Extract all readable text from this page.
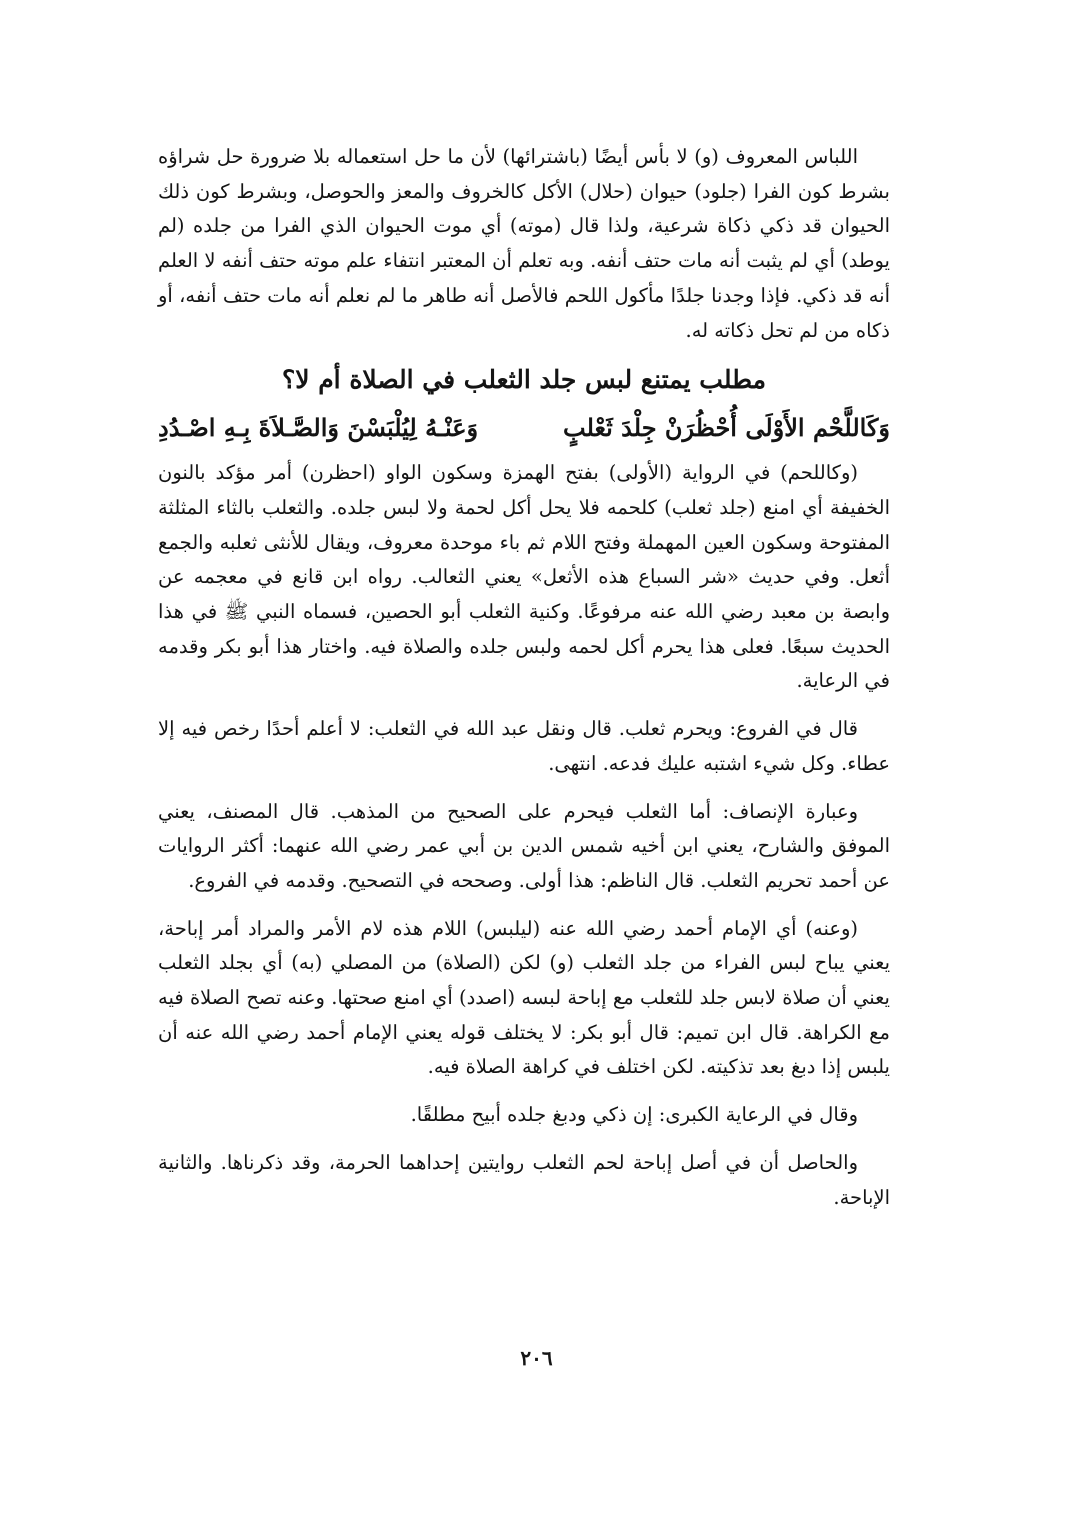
اللباس المعروف (و) لا بأس أيضًا (باشترائها) لأن ما حل استعماله بلا ضرورة حل شراؤه بشرط كون الفرا (جلود) حيوان (حلال) الأكل كالخروف والمعز والحوصل، وبشرط كون ذلك الحيوان قد ذكي ذكاة شرعية، ولذا قال (موته) أي موت الحيوان الذي الفرا من جلده (لم يوطد) أي لم يثبت أنه مات حتف أنفه. وبه تعلم أن المعتبر انتفاء علم موته حتف أنفه لا العلم أنه قد ذكي. فإذا وجدنا جلدًا مأكول اللحم فالأصل أنه طاهر ما لم نعلم أنه مات حتف أنفه، أو ذكاه من لم تحل ذكاته له.

مطلب يمتنع لبس جلد الثعلب في الصلاة أم لا؟
وَكَاللَّحْم الأَوْلَى أُحْظُرَنْ جِلْدَ ثَعْلبٍ
وَعَنْـهُ لِيُلْبَسْنَ وَالصَّـلاَةَ بِـهِ اصْـدُدِ

(وكاللحم) في الرواية (الأولى) بفتح الهمزة وسكون الواو (احظرن) أمر مؤكد بالنون الخفيفة أي امنع (جلد ثعلب) كلحمه فلا يحل أكل لحمة ولا لبس جلده. والثعلب بالثاء المثلثة المفتوحة وسكون العين المهملة وفتح اللام ثم باء موحدة معروف، ويقال للأنثى ثعلبه والجمع أثعل. وفي حديث «شر السباع هذه الأثعل» يعني الثعالب. رواه ابن قانع في معجمه عن وابصة بن معبد رضي الله عنه مرفوعًا. وكنية الثعلب أبو الحصين، فسماه النبي ﷺ في هذا الحديث سبعًا. فعلى هذا يحرم أكل لحمه ولبس جلده والصلاة فيه. واختار هذا أبو بكر وقدمه في الرعاية.

قال في الفروع: ويحرم ثعلب. قال ونقل عبد الله في الثعلب: لا أعلم أحدًا رخص فيه إلا عطاء. وكل شيء اشتبه عليك فدعه. انتهى.

وعبارة الإنصاف: أما الثعلب فيحرم على الصحيح من المذهب. قال المصنف، يعني الموفق والشارح، يعني ابن أخيه شمس الدين بن أبي عمر رضي الله عنهما: أكثر الروايات عن أحمد تحريم الثعلب. قال الناظم: هذا أولى. وصححه في التصحيح. وقدمه في الفروع.

(وعنه) أي الإمام أحمد رضي الله عنه (ليلبس) اللام هذه لام الأمر والمراد أمر إباحة، يعني يباح لبس الفراء من جلد الثعلب (و) لكن (الصلاة) من المصلي (به) أي بجلد الثعلب يعني أن صلاة لابس جلد للثعلب مع إباحة لبسه (اصدد) أي امنع صحتها. وعنه تصح الصلاة فيه مع الكراهة. قال ابن تميم: قال أبو بكر: لا يختلف قوله يعني الإمام أحمد رضي الله عنه أن يلبس إذا دبغ بعد تذكيته. لكن اختلف في كراهة الصلاة فيه.

وقال في الرعاية الكبرى: إن ذكي ودبغ جلده أبيح مطلقًا.

والحاصل أن في أصل إباحة لحم الثعلب روايتين إحداهما الحرمة، وقد ذكرناها. والثانية الإباحة.

٢٠٦
